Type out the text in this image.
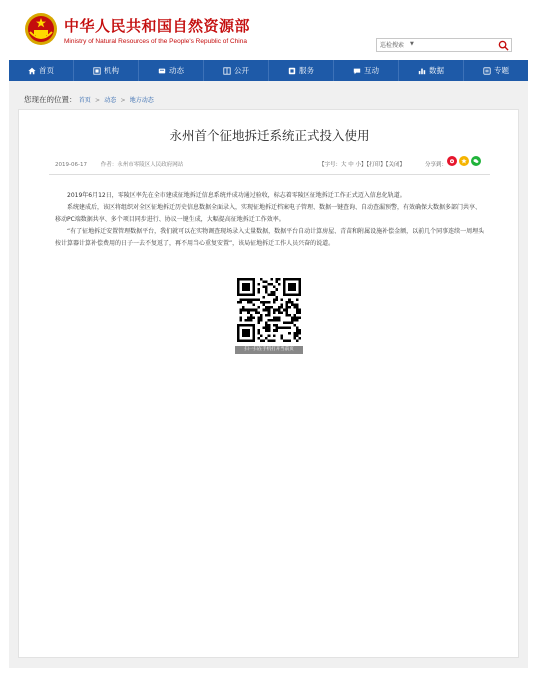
中华人民共和国自然资源部
Ministry of Natural Resources of the People's Republic of China
巡检搜索	▼
首页	机构	动态	公开	服务	互动	数据	专题
您现在的位置： 首页 > 动态 > 地方动态
永州首个征地拆迁系统正式投入使用
2019-06-17	作者：永州市零陵区人民政府网站	【字号：大 中 小】【打印】【关闭】	分享到：

2019年6月12日，零陵区率先在全市建成征地拆迁信息系统并成功通过验收，标志着零陵区征地拆迁工作正式迈入信息化轨道。

系统建成后，该区将组织对全区征地拆迁历史信息数据全面录入，实现征地拆迁档案电子管理、数据一键查询、自动查漏预警，有效确保大数据多部门共享、移动PC端数据共享、多个项目同步进行、协议一键生成，大幅提高征地拆迁工作效率。

“有了征地拆迁安置管理数据平台，我们就可以在实物调查现场录入丈量数据，数据平台自动计算房屋、青苗和附属设施补偿金额，以前几个同事连续一周埋头按计算器计算补偿费用的日子一去不复返了，再不用当心重复安置”，该局征地拆迁工作人员兴奋的说道。

扫一扫在手机打开当前页
